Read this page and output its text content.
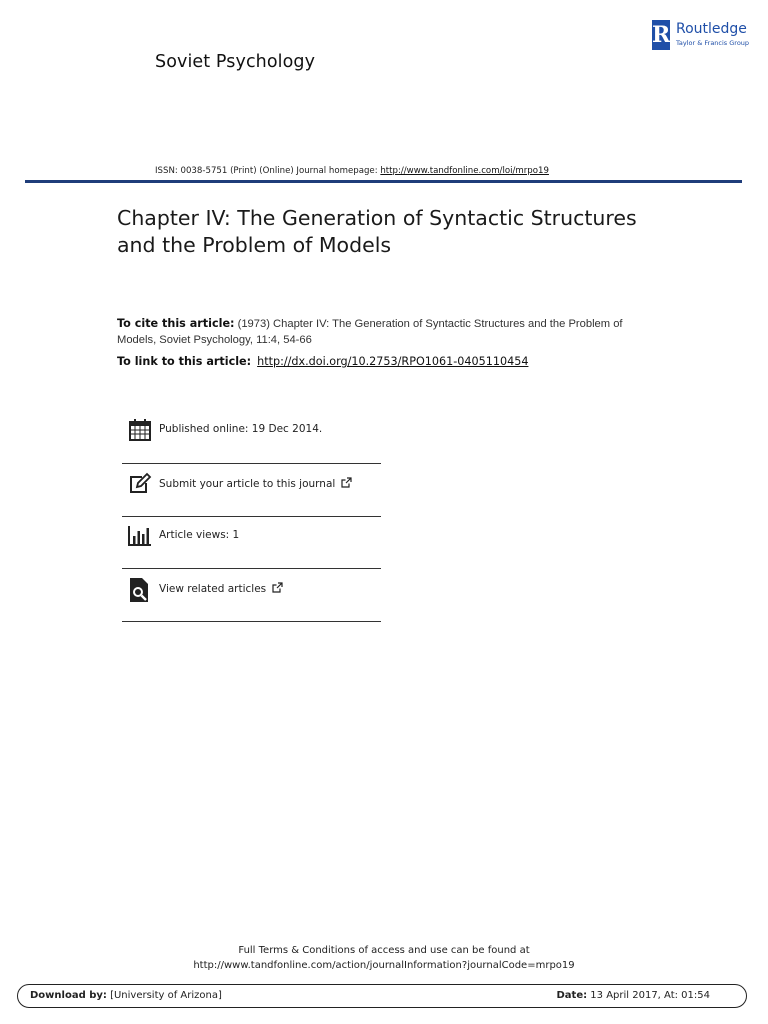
Soviet Psychology
R Routledge
Taylor & Francis Group
ISSN: 0038-5751 (Print) (Online) Journal homepage: http://www.tandfonline.com/loi/mrpo19
Chapter IV: The Generation of Syntactic Structures
and the Problem of Models
To cite this article: (1973) Chapter IV: The Generation of Syntactic Structures and the Problem of Models, Soviet Psychology, 11:4, 54-66
To link to this article: http://dx.doi.org/10.2753/RPO1061-0405110454
Published online: 19 Dec 2014.
Submit your article to this journal
Article views: 1
View related articles
Full Terms & Conditions of access and use can be found at
http://www.tandfonline.com/action/journalInformation?journalCode=mrpo19
Download by: [University of Arizona]	Date: 13 April 2017, At: 01:54
